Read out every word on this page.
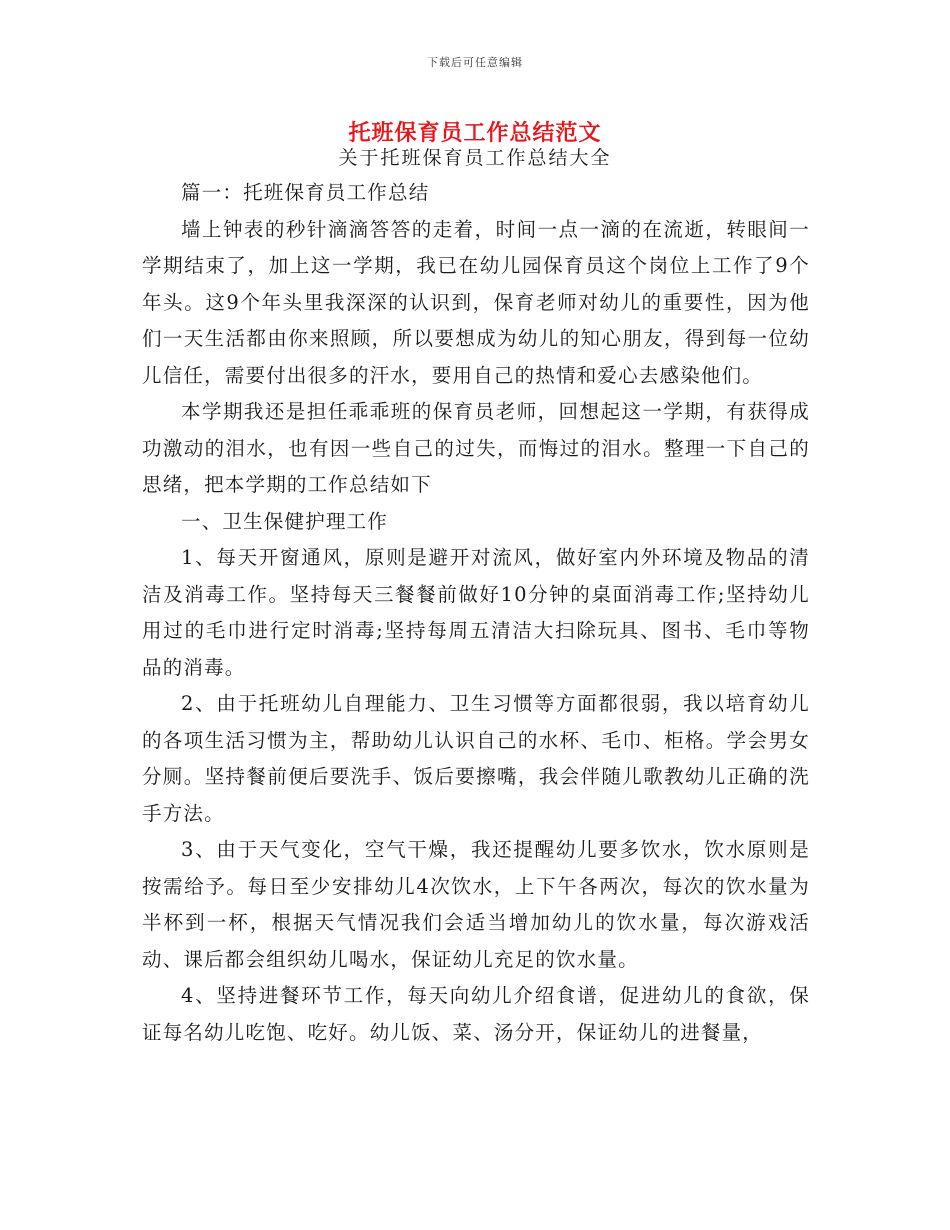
下载后可任意编辑
托班保育员工作总结范文
关于托班保育员工作总结大全

篇一：托班保育员工作总结

墙上钟表的秒针滴滴答答的走着，时间一点一滴的在流逝，转眼间一学期结束了，加上这一学期，我已在幼儿园保育员这个岗位上工作了9个年头。这9个年头里我深深的认识到，保育老师对幼儿的重要性，因为他们一天生活都由你来照顾，所以要想成为幼儿的知心朋友，得到每一位幼儿信任，需要付出很多的汗水，要用自己的热情和爱心去感染他们。

本学期我还是担任乖乖班的保育员老师，回想起这一学期，有获得成功激动的泪水，也有因一些自己的过失，而悔过的泪水。整理一下自己的思绪，把本学期的工作总结如下

一、卫生保健护理工作

1、每天开窗通风，原则是避开对流风，做好室内外环境及物品的清洁及消毒工作。坚持每天三餐餐前做好10分钟的桌面消毒工作;坚持幼儿用过的毛巾进行定时消毒;坚持每周五清洁大扫除玩具、图书、毛巾等物品的消毒。

2、由于托班幼儿自理能力、卫生习惯等方面都很弱，我以培育幼儿的各项生活习惯为主，帮助幼儿认识自己的水杯、毛巾、柜格。学会男女分厕。坚持餐前便后要洗手、饭后要擦嘴，我会伴随儿歌教幼儿正确的洗手方法。

3、由于天气变化，空气干燥，我还提醒幼儿要多饮水，饮水原则是按需给予。每日至少安排幼儿4次饮水，上下午各两次，每次的饮水量为半杯到一杯，根据天气情况我们会适当增加幼儿的饮水量，每次游戏活动、课后都会组织幼儿喝水，保证幼儿充足的饮水量。

4、坚持进餐环节工作，每天向幼儿介绍食谱，促进幼儿的食欲，保证每名幼儿吃饱、吃好。幼儿饭、菜、汤分开，保证幼儿的进餐量，
